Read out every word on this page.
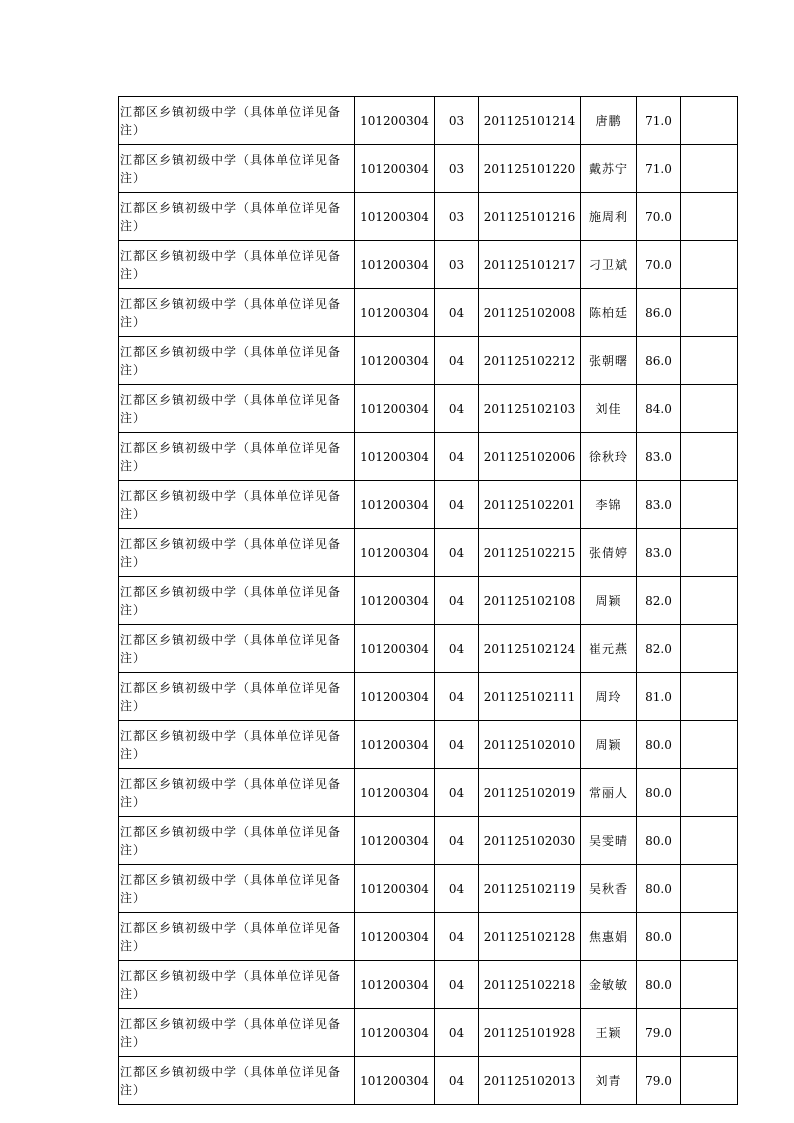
江都区乡镇初级中学（具体单位详见备注）	101200304	03	201125101214	唐鹏	71.0	
江都区乡镇初级中学（具体单位详见备注）	101200304	03	201125101220	戴苏宁	71.0	
江都区乡镇初级中学（具体单位详见备注）	101200304	03	201125101216	施周利	70.0	
江都区乡镇初级中学（具体单位详见备注）	101200304	03	201125101217	刁卫斌	70.0	
江都区乡镇初级中学（具体单位详见备注）	101200304	04	201125102008	陈柏廷	86.0	
江都区乡镇初级中学（具体单位详见备注）	101200304	04	201125102212	张朝曙	86.0	
江都区乡镇初级中学（具体单位详见备注）	101200304	04	201125102103	刘佳	84.0	
江都区乡镇初级中学（具体单位详见备注）	101200304	04	201125102006	徐秋玲	83.0	
江都区乡镇初级中学（具体单位详见备注）	101200304	04	201125102201	李锦	83.0	
江都区乡镇初级中学（具体单位详见备注）	101200304	04	201125102215	张倩婷	83.0	
江都区乡镇初级中学（具体单位详见备注）	101200304	04	201125102108	周颖	82.0	
江都区乡镇初级中学（具体单位详见备注）	101200304	04	201125102124	崔元燕	82.0	
江都区乡镇初级中学（具体单位详见备注）	101200304	04	201125102111	周玲	81.0	
江都区乡镇初级中学（具体单位详见备注）	101200304	04	201125102010	周颖	80.0	
江都区乡镇初级中学（具体单位详见备注）	101200304	04	201125102019	常丽人	80.0	
江都区乡镇初级中学（具体单位详见备注）	101200304	04	201125102030	吴雯晴	80.0	
江都区乡镇初级中学（具体单位详见备注）	101200304	04	201125102119	吴秋香	80.0	
江都区乡镇初级中学（具体单位详见备注）	101200304	04	201125102128	焦惠娟	80.0	
江都区乡镇初级中学（具体单位详见备注）	101200304	04	201125102218	金敏敏	80.0	
江都区乡镇初级中学（具体单位详见备注）	101200304	04	201125101928	王颖	79.0	
江都区乡镇初级中学（具体单位详见备注）	101200304	04	201125102013	刘青	79.0	
